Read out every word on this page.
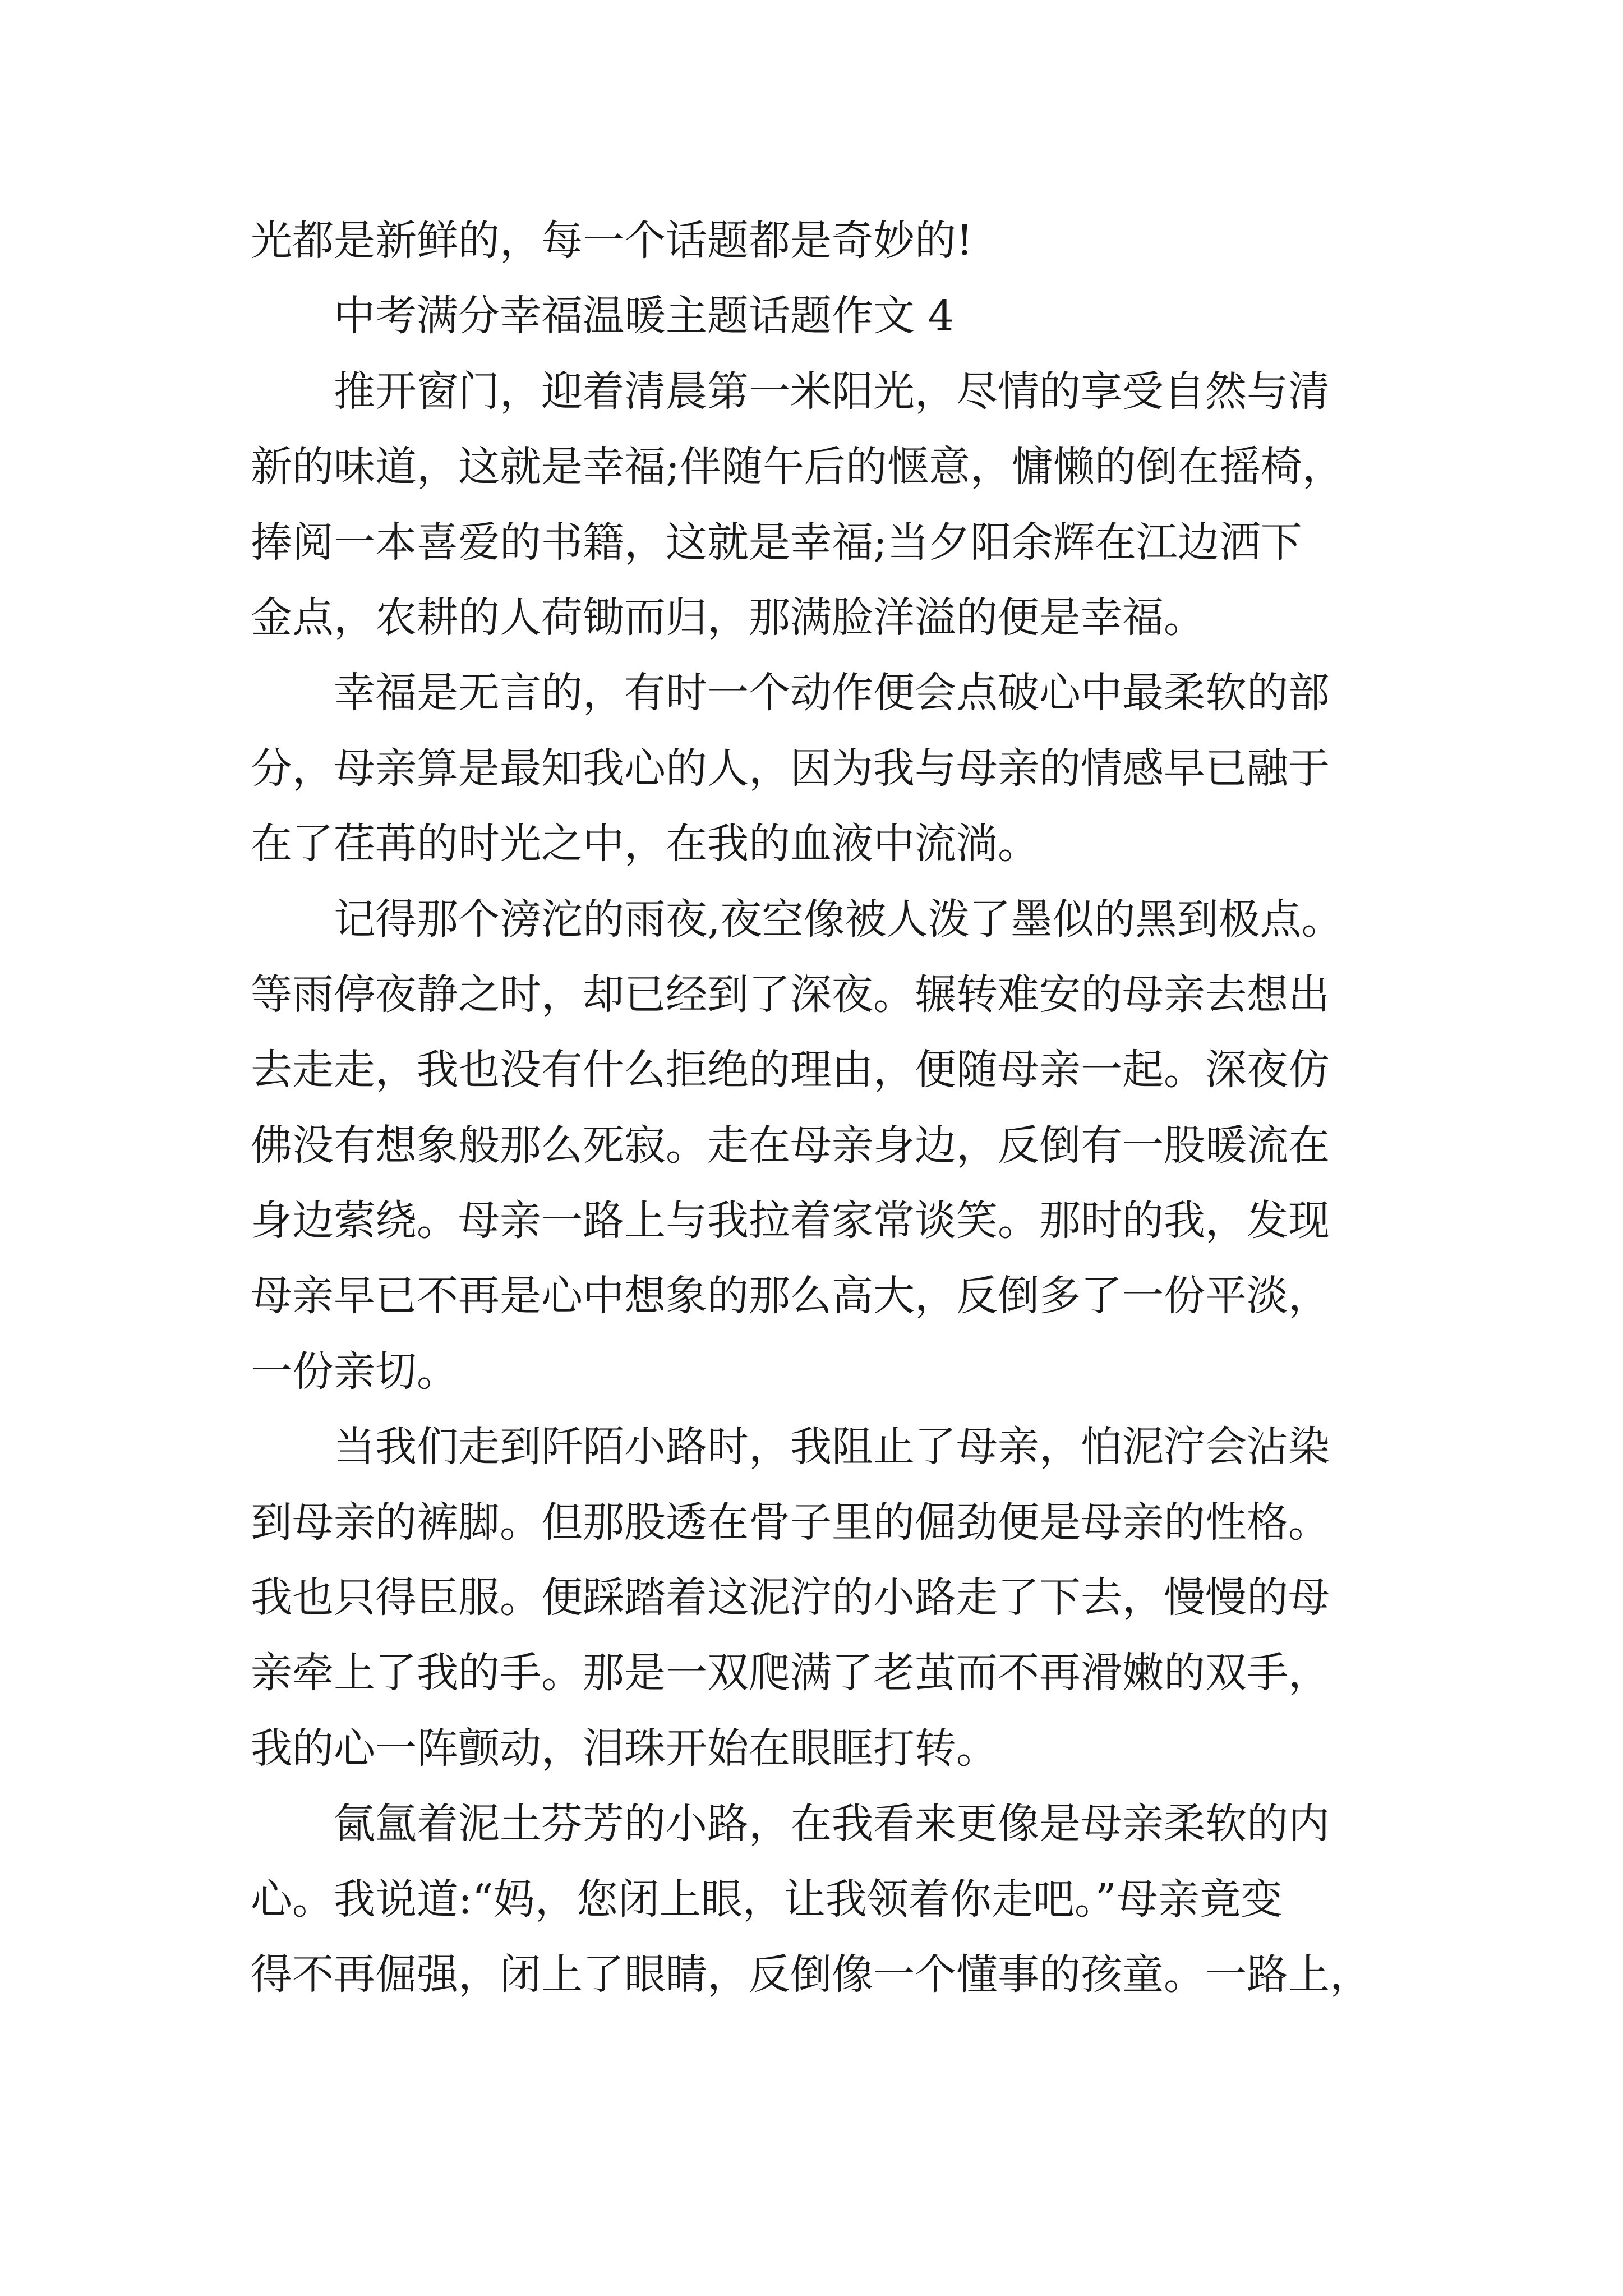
光都是新鲜的，每一个话题都是奇妙的!
中考满分幸福温暖主题话题作文 4
推开窗门，迎着清晨第一米阳光，尽情的享受自然与清
新的味道，这就是幸福;伴随午后的惬意，慵懒的倒在摇椅，
捧阅一本喜爱的书籍，这就是幸福;当夕阳余辉在江边洒下
金点，农耕的人荷锄而归，那满脸洋溢的便是幸福。
幸福是无言的，有时一个动作便会点破心中最柔软的部
分，母亲算是最知我心的人，因为我与母亲的情感早已融于
在了荏苒的时光之中，在我的血液中流淌。
记得那个滂沱的雨夜,夜空像被人泼了墨似的黑到极点。
等雨停夜静之时，却已经到了深夜。辗转难安的母亲去想出
去走走，我也没有什么拒绝的理由，便随母亲一起。深夜仿
佛没有想象般那么死寂。走在母亲身边，反倒有一股暖流在
身边萦绕。母亲一路上与我拉着家常谈笑。那时的我，发现
母亲早已不再是心中想象的那么高大，反倒多了一份平淡，
一份亲切。
当我们走到阡陌小路时，我阻止了母亲，怕泥泞会沾染
到母亲的裤脚。但那股透在骨子里的倔劲便是母亲的性格。
我也只得臣服。便踩踏着这泥泞的小路走了下去，慢慢的母
亲牵上了我的手。那是一双爬满了老茧而不再滑嫩的双手，
我的心一阵颤动，泪珠开始在眼眶打转。
氤氲着泥土芬芳的小路，在我看来更像是母亲柔软的内
心。我说道:“妈，您闭上眼，让我领着你走吧。”母亲竟变
得不再倔强，闭上了眼睛，反倒像一个懂事的孩童。一路上，
